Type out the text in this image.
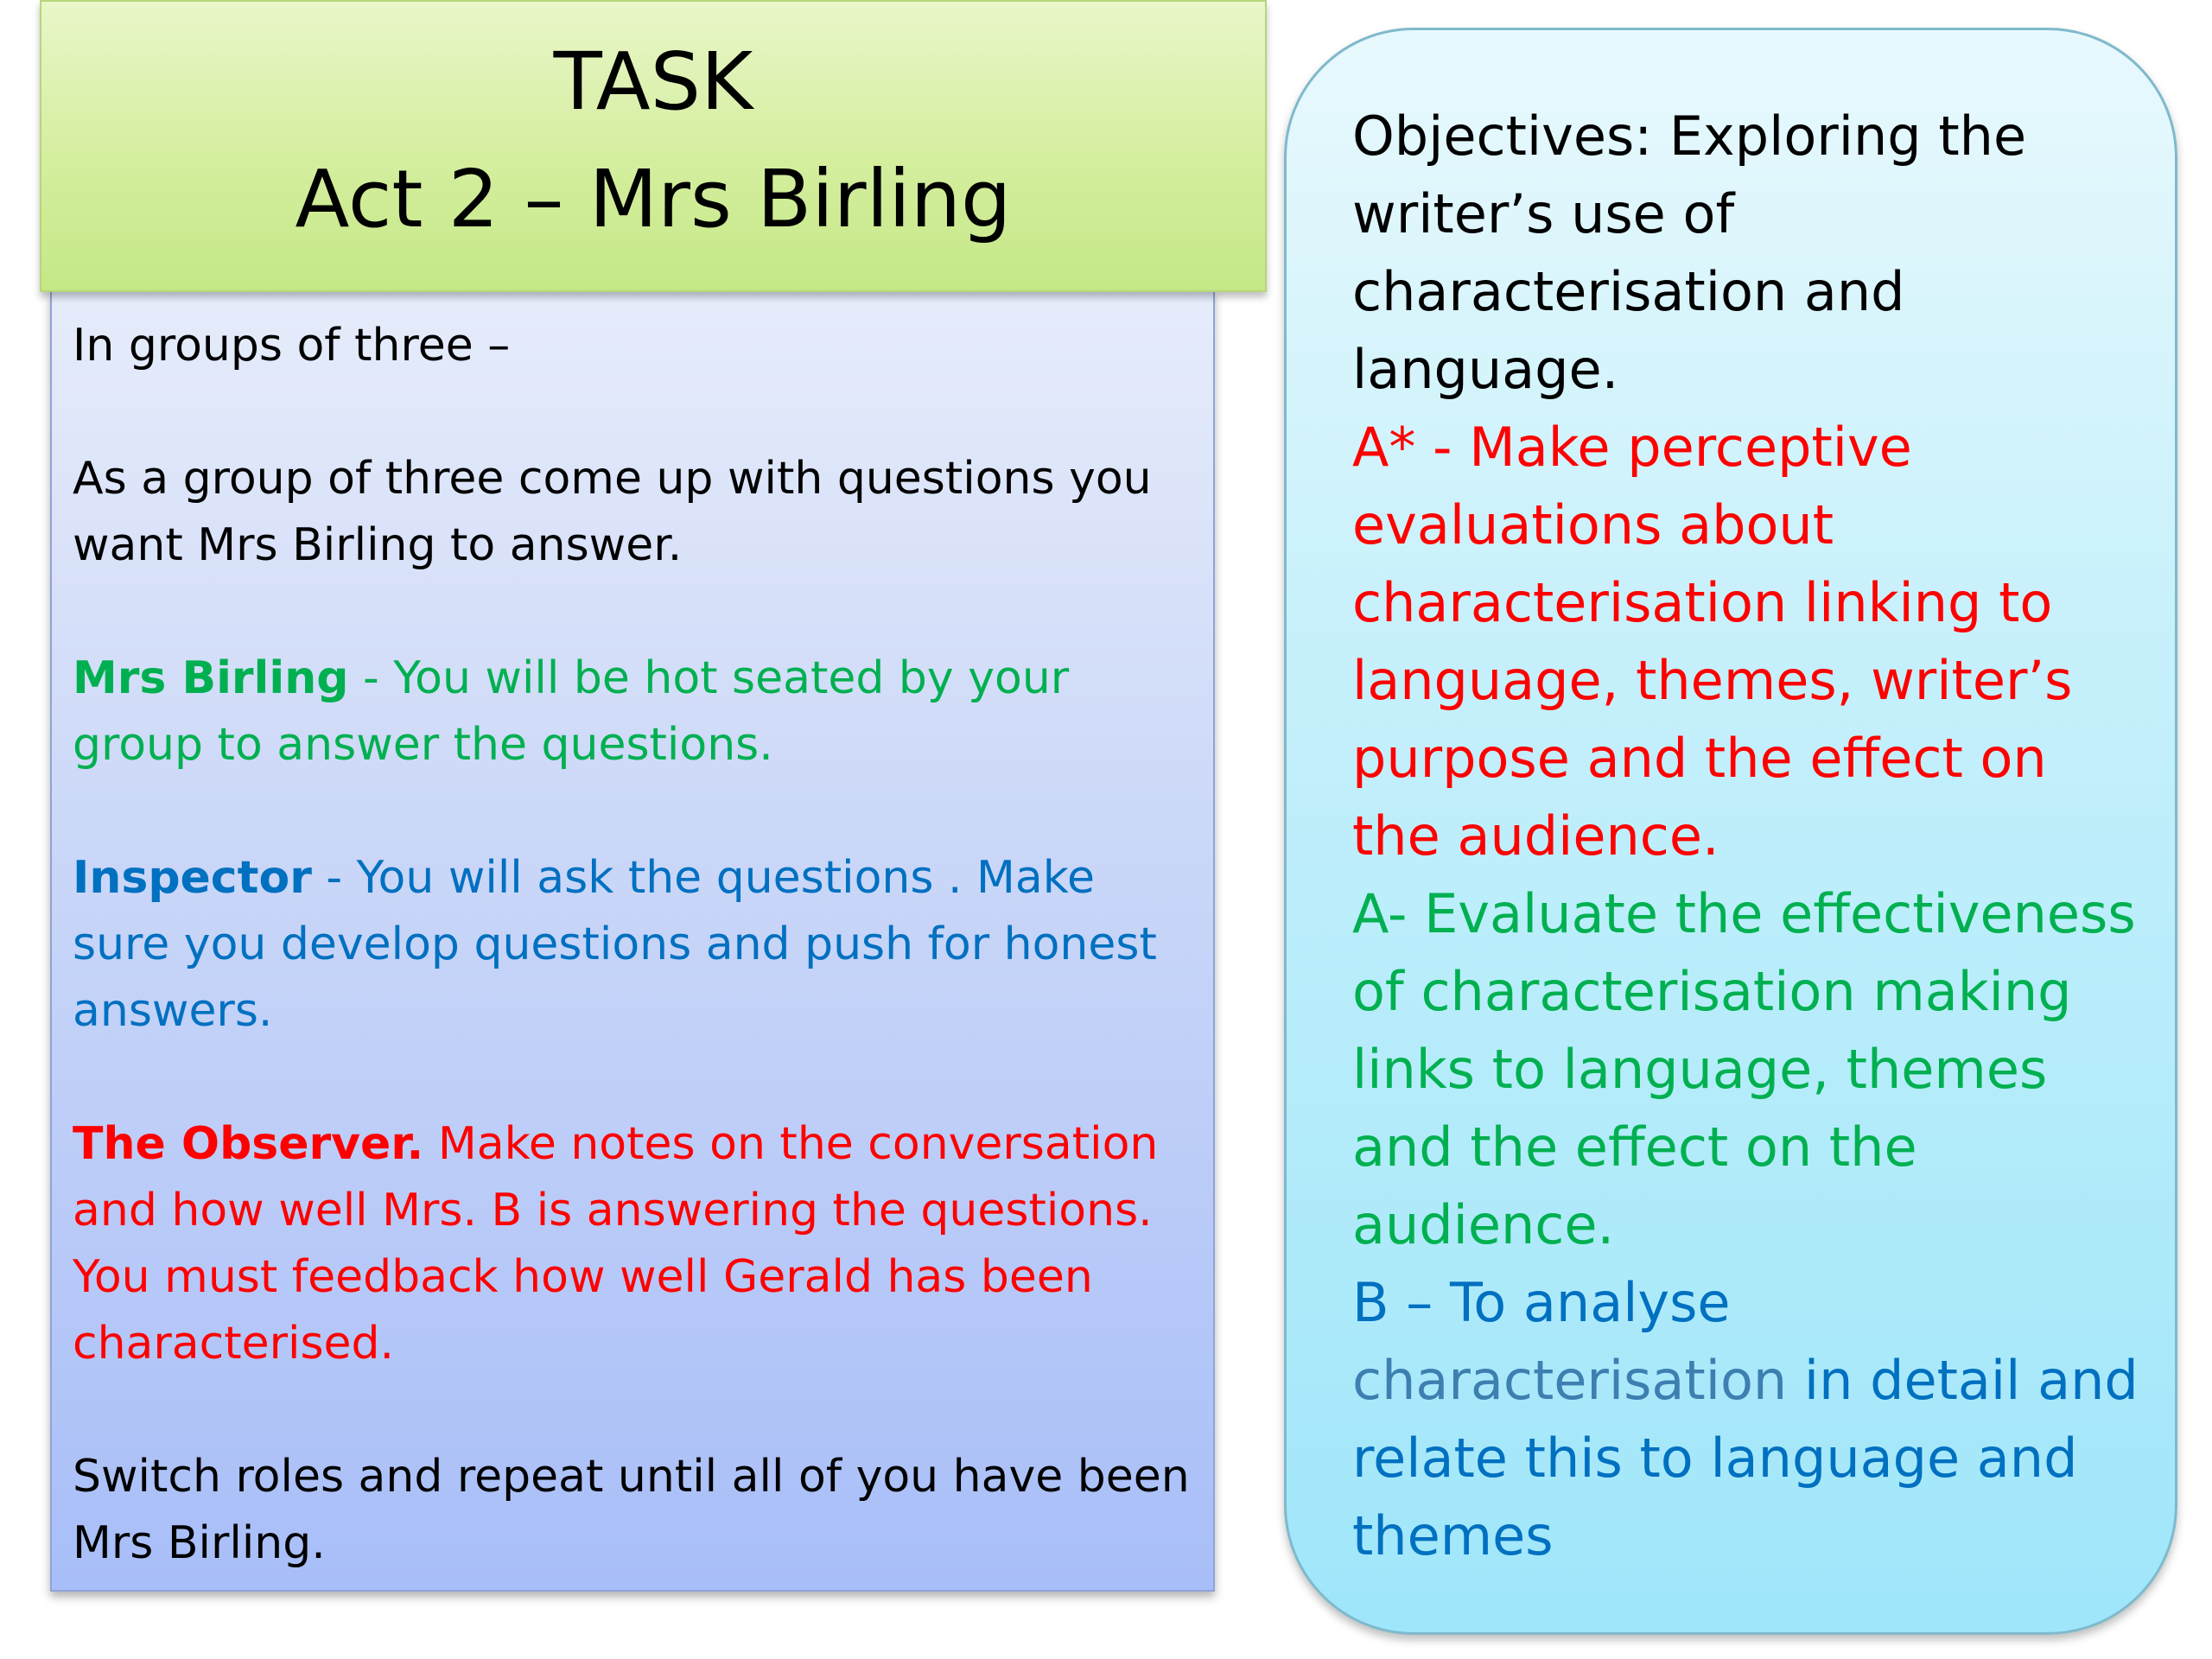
TASK
Act 2 – Mrs Birling

In groups of three –

As a group of three come up with questions you want Mrs Birling to answer.

Mrs Birling - You will be hot seated by your group to answer the questions.

Inspector - You will ask the questions . Make sure you develop questions and push for honest answers.

The Observer. Make notes on the conversation and how well Mrs. B is answering the questions. You must feedback how well Gerald has been characterised.

Switch roles and repeat until all of you have been Mrs Birling.

Objectives: Exploring the writer’s use of characterisation and language.

A* - Make perceptive evaluations about characterisation linking to language, themes, writer’s purpose and the effect on the audience.

A- Evaluate the effectiveness of characterisation making links to language, themes and the effect on the audience.

B – To analyse
characterisation in detail and relate this to language and themes
